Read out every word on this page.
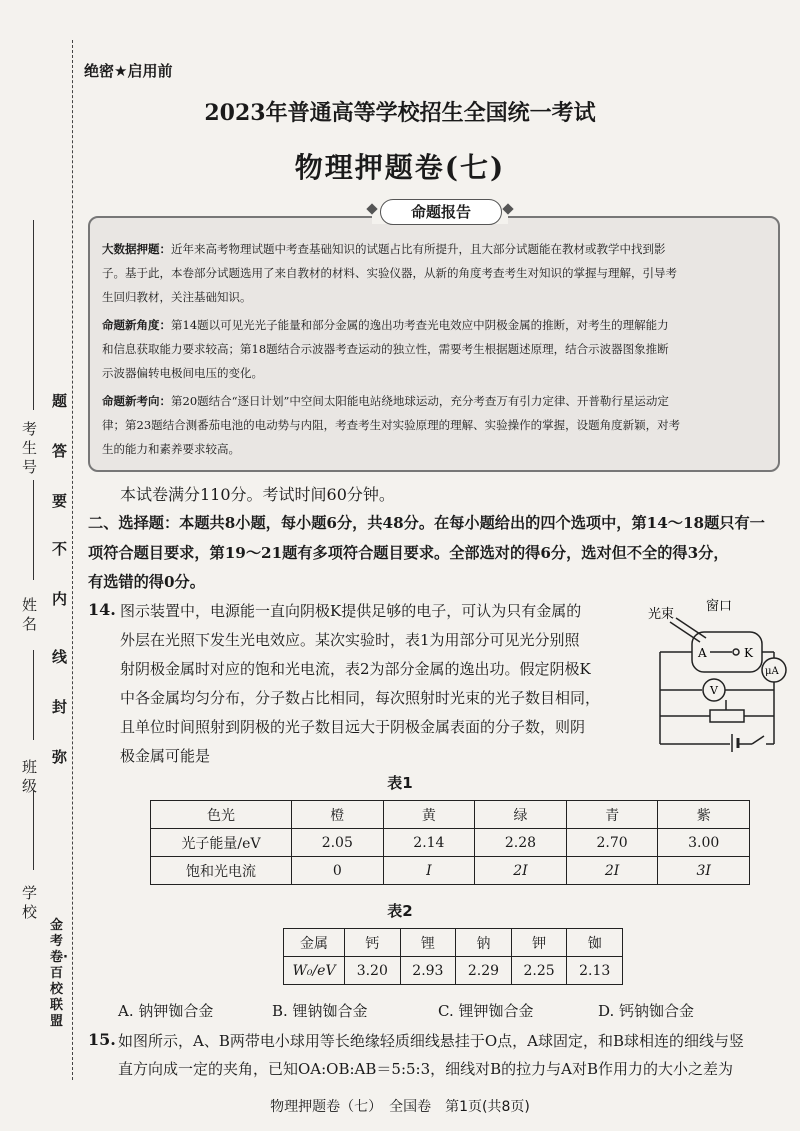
考生号
姓名
班级
学校
题
答
要
不
内
线
封
弥
金考卷·百校联盟
绝密★启用前
2023年普通高等学校招生全国统一考试
物理押题卷(七)
命题报告
大数据押题：近年来高考物理试题中考查基础知识的试题占比有所提升，且大部分试题能在教材或教学中找到影
子。基于此，本卷部分试题选用了来自教材的材料、实验仪器，从新的角度考查考生对知识的掌握与理解，引导考
生回归教材，关注基础知识。
命题新角度：第14题以可见光光子能量和部分金属的逸出功考查光电效应中阴极金属的推断，对考生的理解能力
和信息获取能力要求较高；第18题结合示波器考查运动的独立性，需要考生根据题述原理，结合示波器图象推断
示波器偏转电极间电压的变化。
命题新考向：第20题结合“逐日计划”中空间太阳能电站绕地球运动，充分考查万有引力定律、开普勒行星运动定
律；第23题结合测番茄电池的电动势与内阻，考查考生对实验原理的理解、实验操作的掌握，设题角度新颖，对考
生的能力和素养要求较高。
本试卷满分110分。考试时间60分钟。
二、选择题：本题共8小题，每小题6分，共48分。在每小题给出的四个选项中，第14～18题只有一
项符合题目要求，第19～21题有多项符合题目要求。全部选对的得6分，选对但不全的得3分，
有选错的得0分。
14. 图示装置中，电源能一直向阴极K提供足够的电子，可认为只有金属的
外层在光照下发生光电效应。某次实验时，表1为用部分可见光分别照
射阴极金属时对应的饱和光电流，表2为部分金属的逸出功。假定阴极K
中各金属均匀分布，分子数占比相同，每次照射时光束的光子数目相同，
且单位时间照射到阴极的光子数目远大于阴极金属表面的分子数，则阴
极金属可能是
光束
窗口
A	K
μA
V
表1
色光	橙	黄	绿	青	紫
光子能量/eV	2.05	2.14	2.28	2.70	3.00
饱和光电流	0	I	2I	2I	3I
表2
金属	钙	锂	钠	钾	铷
W₀/eV	3.20	2.93	2.29	2.25	2.13
A. 钠钾铷合金	B. 锂钠铷合金	C. 锂钾铷合金	D. 钙钠铷合金
15. 如图所示，A、B两带电小球用等长绝缘轻质细线悬挂于O点，A球固定，和B球相连的细线与竖
直方向成一定的夹角，已知OA:OB:AB＝5:5:3，细线对B的拉力与A对B作用力的大小之差为
物理押题卷（七）　全国卷　第1页(共8页)
